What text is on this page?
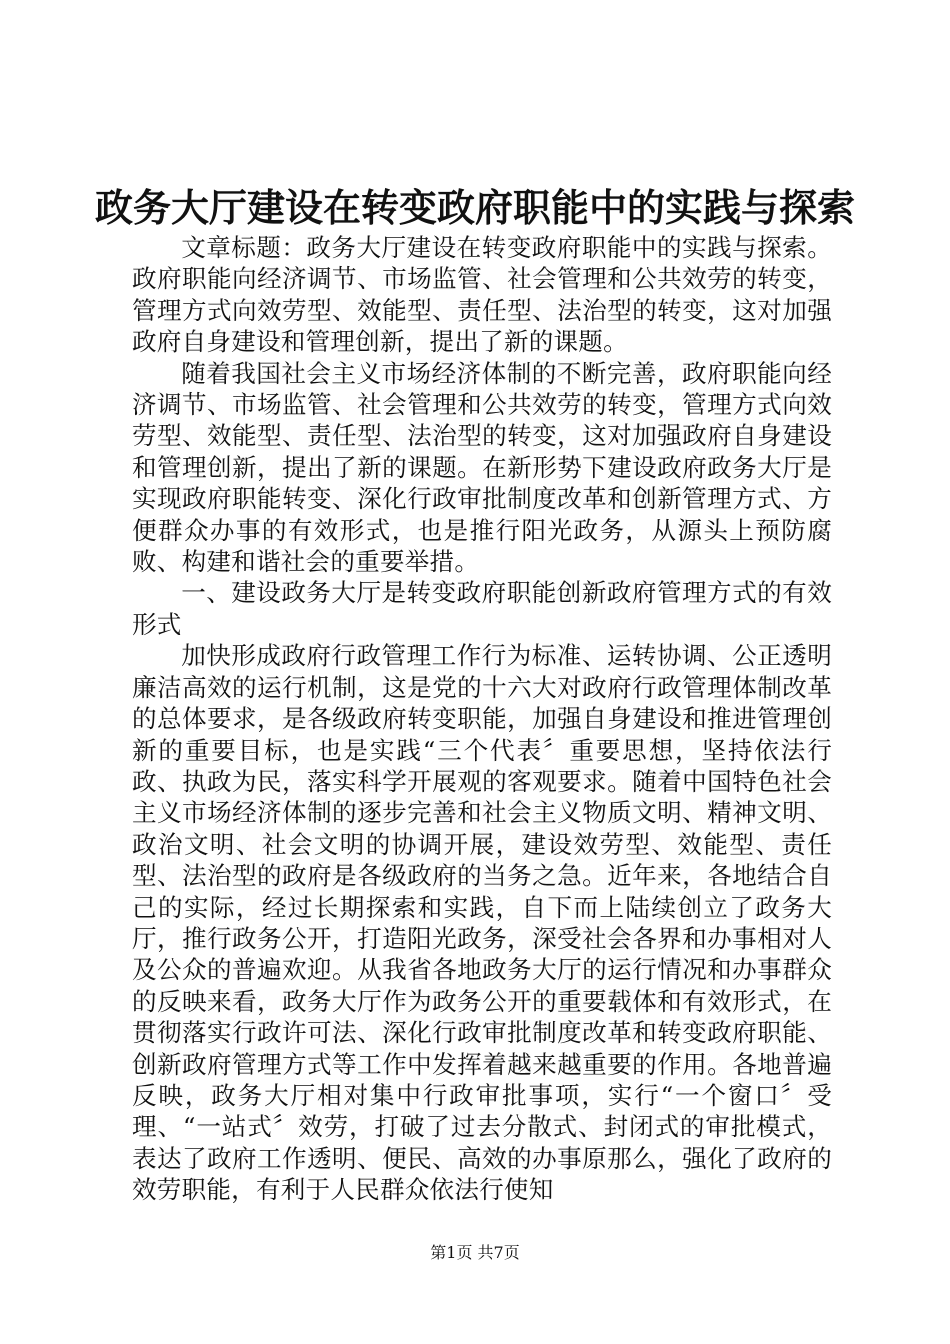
政务大厅建设在转变政府职能中的实践与探索

文章标题：政务大厅建设在转变政府职能中的实践与探索。政府职能向经济调节、市场监管、社会管理和公共效劳的转变，管理方式向效劳型、效能型、责任型、法治型的转变，这对加强政府自身建设和管理创新，提出了新的课题。

随着我国社会主义市场经济体制的不断完善，政府职能向经济调节、市场监管、社会管理和公共效劳的转变，管理方式向效劳型、效能型、责任型、法治型的转变，这对加强政府自身建设和管理创新，提出了新的课题。在新形势下建设政府政务大厅是实现政府职能转变、深化行政审批制度改革和创新管理方式、方便群众办事的有效形式，也是推行阳光政务，从源头上预防腐败、构建和谐社会的重要举措。

一、建设政务大厅是转变政府职能创新政府管理方式的有效形式

加快形成政府行政管理工作行为标准、运转协调、公正透明廉洁高效的运行机制，这是党的十六大对政府行政管理体制改革的总体要求，是各级政府转变职能，加强自身建设和推进管理创新的重要目标，也是实践“三个代表〞重要思想，坚持依法行政、执政为民，落实科学开展观的客观要求。随着中国特色社会主义市场经济体制的逐步完善和社会主义物质文明、精神文明、政治文明、社会文明的协调开展，建设效劳型、效能型、责任型、法治型的政府是各级政府的当务之急。近年来，各地结合自己的实际，经过长期探索和实践，自下而上陆续创立了政务大厅，推行政务公开，打造阳光政务，深受社会各界和办事相对人及公众的普遍欢迎。从我省各地政务大厅的运行情况和办事群众的反映来看，政务大厅作为政务公开的重要载体和有效形式，在贯彻落实行政许可法、深化行政审批制度改革和转变政府职能、创新政府管理方式等工作中发挥着越来越重要的作用。各地普遍反映，政务大厅相对集中行政审批事项，实行“一个窗口〞受理、“一站式〞效劳，打破了过去分散式、封闭式的审批模式，表达了政府工作透明、便民、高效的办事原那么，强化了政府的效劳职能，有利于人民群众依法行使知

第1页 共7页
